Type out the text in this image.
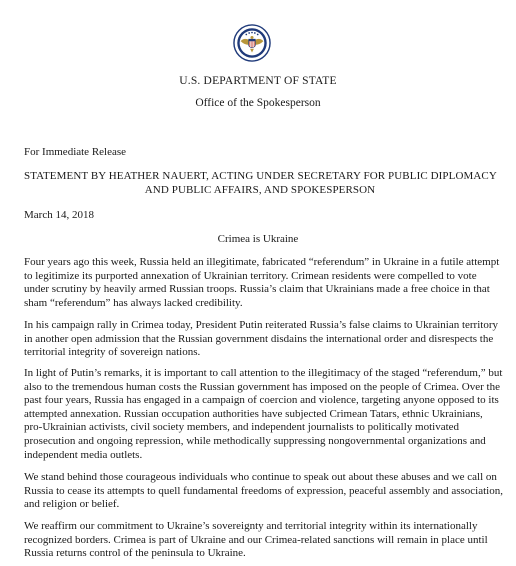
U.S. DEPARTMENT OF STATE
Office of the Spokesperson
For Immediate Release
STATEMENT BY HEATHER NAUERT, ACTING UNDER SECRETARY FOR PUBLIC DIPLOMACY
AND PUBLIC AFFAIRS, AND SPOKESPERSON
March 14, 2018
Crimea is Ukraine
Four years ago this week, Russia held an illegitimate, fabricated “referendum” in Ukraine in a futile attempt
to legitimize its purported annexation of Ukrainian territory. Crimean residents were compelled to vote
under scrutiny by heavily armed Russian troops. Russia’s claim that Ukrainians made a free choice in that
sham “referendum” has always lacked credibility.
In his campaign rally in Crimea today, President Putin reiterated Russia’s false claims to Ukrainian territory
in another open admission that the Russian government disdains the international order and disrespects the
territorial integrity of sovereign nations.
In light of Putin’s remarks, it is important to call attention to the illegitimacy of the staged “referendum,” but
also to the tremendous human costs the Russian government has imposed on the people of Crimea. Over the
past four years, Russia has engaged in a campaign of coercion and violence, targeting anyone opposed to its
attempted annexation. Russian occupation authorities have subjected Crimean Tatars, ethnic Ukrainians,
pro-Ukrainian activists, civil society members, and independent journalists to politically motivated
prosecution and ongoing repression, while methodically suppressing nongovernmental organizations and
independent media outlets.
We stand behind those courageous individuals who continue to speak out about these abuses and we call on
Russia to cease its attempts to quell fundamental freedoms of expression, peaceful assembly and association,
and religion or belief.
We reaffirm our commitment to Ukraine’s sovereignty and territorial integrity within its internationally
recognized borders. Crimea is part of Ukraine and our Crimea-related sanctions will remain in place until
Russia returns control of the peninsula to Ukraine.
